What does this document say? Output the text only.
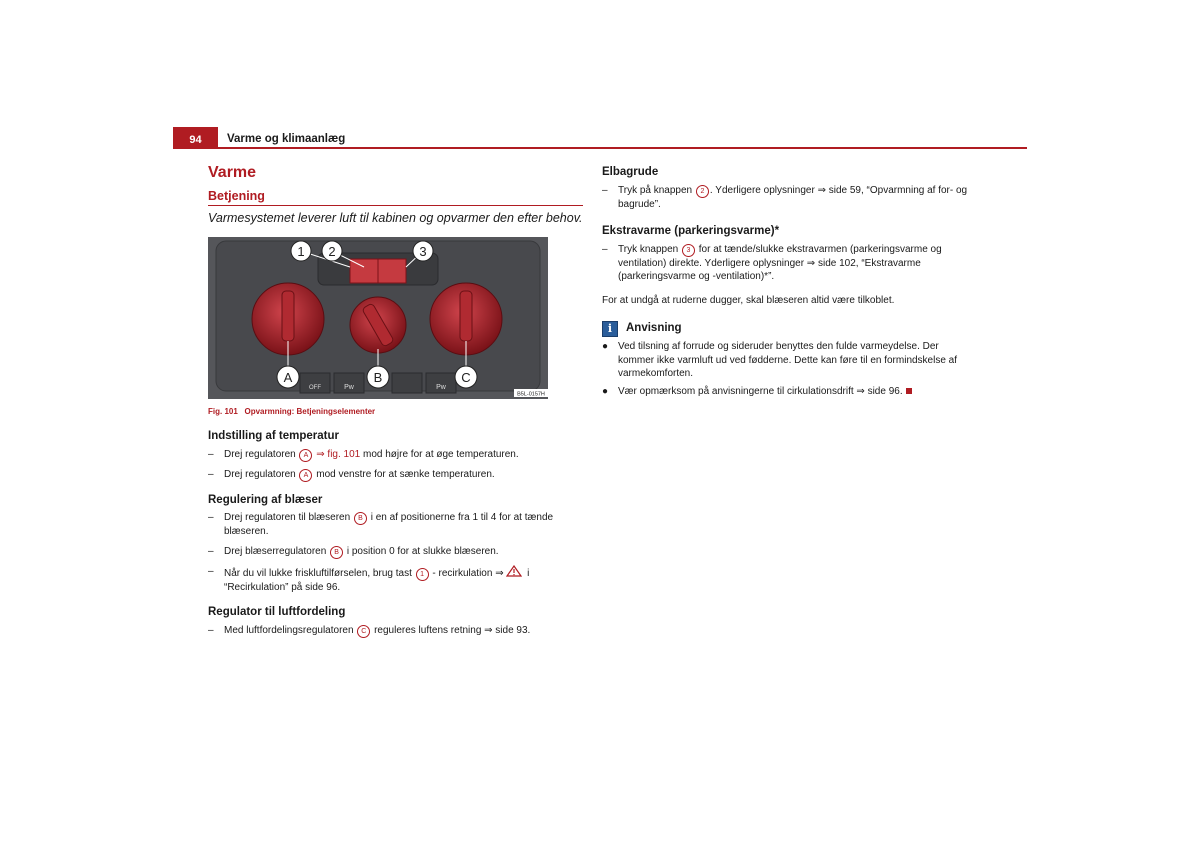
94	Varme og klimaanlæg
Varme
Betjening
Varmesystemet leverer luft til kabinen og opvarmer den efter behov.
1 2	3
A	B	C
OFF	Pw	Pw
B5L-0157H
Fig. 101 Opvarmning: Betjeningselementer
Indstilling af temperatur
– Drej regulatoren A ⇒ fig. 101 mod højre for at øge temperaturen.
– Drej regulatoren A mod venstre for at sænke temperaturen.
Regulering af blæser
– Drej regulatoren til blæseren B i en af positionerne fra 1 til 4 for at tænde blæseren.
– Drej blæserregulatoren B i position 0 for at slukke blæseren.
– Når du vil lukke friskluftilførselen, brug tast 1 - recirkulation ⇒  i “Recirkulation” på side 96.
Regulator til luftfordeling
– Med luftfordelingsregulatoren C reguleres luftens retning ⇒ side 93.
Elbagrude
– Tryk på knappen 2 . Yderligere oplysninger ⇒ side 59, “Opvarmning af for- og bagrude”.
Ekstravarme (parkeringsvarme)*
– Tryk knappen 3 for at tænde/slukke ekstravarmen (parkeringsvarme og ventilation) direkte. Yderligere oplysninger ⇒ side 102, “Ekstravarme (parkeringsvarme og -ventilation)*”.
For at undgå at ruderne dugger, skal blæseren altid være tilkoblet.
i	Anvisning
● Ved tilsning af forrude og sideruder benyttes den fulde varmeydelse. Der kommer ikke varmluft ud ved fødderne. Dette kan føre til en formindskelse af varmekomforten.
● Vær opmærksom på anvisningerne til cirkulationsdrift ⇒ side 96.
